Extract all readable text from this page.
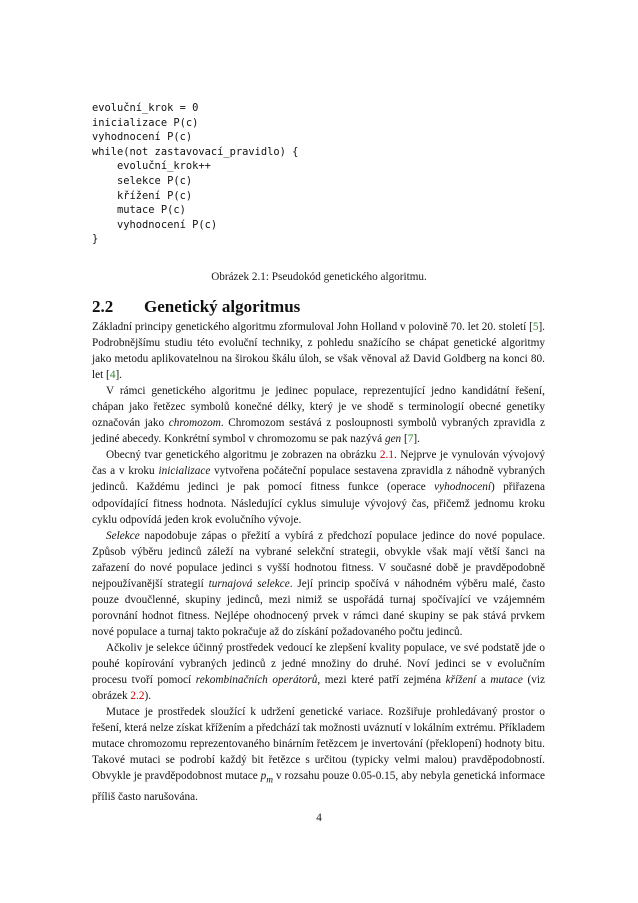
evoluční_krok = 0
inicializace P(c)
vyhodnocení P(c)
while(not zastavovací_pravidlo) {
evoluční_krok++
selekce P(c)
křížení P(c)
mutace P(c)
vyhodnocení P(c)
}
Obrázek 2.1: Pseudokód genetického algoritmu.
2.2 Genetický algoritmus

Základní principy genetického algoritmu zformuloval John Holland v polovině 70. let 20. století [5]. Podrobnějšímu studiu této evoluční techniky, z pohledu snažícího se chápat genetické algoritmy jako metodu aplikovatelnou na širokou škálu úloh, se však věnoval až David Goldberg na konci 80. let [4].

V rámci genetického algoritmu je jedinec populace, reprezentující jedno kandidátní řešení, chápan jako řetězec symbolů konečné délky, který je ve shodě s terminologií obecné genetiky označován jako chromozom. Chromozom sestává z posloupnosti symbolů vybraných zpravidla z jediné abecedy. Konkrétní symbol v chromozomu se pak nazývá gen [7].

Obecný tvar genetického algoritmu je zobrazen na obrázku 2.1. Nejprve je vynulován vývojový čas a v kroku inicializace vytvořena počáteční populace sestavena zpravidla z náhodně vybraných jedinců. Každému jedinci je pak pomocí fitness funkce (operace vyhodnocení) přiřazena odpovídající fitness hodnota. Následující cyklus simuluje vývojový čas, přičemž jednomu kroku cyklu odpovídá jeden krok evolučního vývoje.

Selekce napodobuje zápas o přežití a vybírá z předchozí populace jedince do nové populace. Způsob výběru jedinců záleží na vybrané selekční strategii, obvykle však mají větší šanci na zařazení do nové populace jedinci s vyšší hodnotou fitness. V současné době je pravděpodobně nejpoužívanější strategií turnajová selekce. Její princip spočívá v náhodném výběru malé, často pouze dvoučlenné, skupiny jedinců, mezi nimiž se uspořádá turnaj spočívající ve vzájemném porovnání hodnot fitness. Nejlépe ohodnocený prvek v rámci dané skupiny se pak stává prvkem nové populace a turnaj takto pokračuje až do získání požadovaného počtu jedinců.

Ačkoliv je selekce účinný prostředek vedoucí ke zlepšení kvality populace, ve své podstatě jde o pouhé kopírování vybraných jedinců z jedné množiny do druhé. Noví jedinci se v evolučním procesu tvoří pomocí rekombinačních operátorů, mezi které patří zejména křížení a mutace (viz obrázek 2.2).

Mutace je prostředek sloužící k udržení genetické variace. Rozšiřuje prohledávaný prostor o řešení, která nelze získat křížením a předchází tak možnosti uváznutí v lokálním extrému. Příkladem mutace chromozomu reprezentovaného binárním řetězcem je invertování (překlopení) hodnoty bitu. Takové mutaci se podrobí každý bit řetězce s určitou (typicky velmi malou) pravděpodobností. Obvykle je pravděpodobnost mutace $p_m$ v rozsahu pouze 0.05-0.15, aby nebyla genetická informace příliš často narušována.

4
